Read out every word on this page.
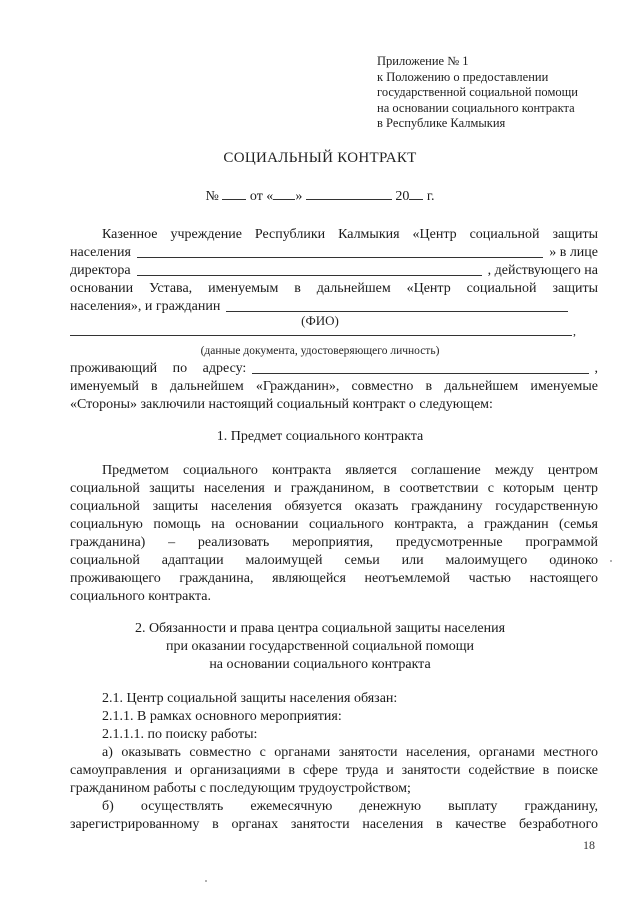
Приложение № 1
к Положению о предоставлении
государственной социальной помощи
на основании социального контракта
в Республике Калмыкия
СОЦИАЛЬНЫЙ КОНТРАКТ
№ от « »	20 г.
Казенное учреждение Республики Калмыкия «Центр социальной защиты
населения	» в лице
директора	, действующего на
основании Устава, именуемым в дальнейшем «Центр социальной защиты
населения», и гражданин
(ФИО)
,
(данные документа, удостоверяющего личность)
проживающий по адресу:	,
именуемый в дальнейшем «Гражданин», совместно в дальнейшем именуемые
«Стороны» заключили настоящий социальный контракт о следующем:
1. Предмет социального контракта
Предметом социального контракта является соглашение между центром
социальной защиты населения и гражданином, в соответствии с которым центр
социальной защиты населения обязуется оказать гражданину государственную
социальную помощь на основании социального контракта, а гражданин (семья
гражданина) – реализовать мероприятия, предусмотренные программой
социальной адаптации малоимущей семьи или малоимущего одиноко
проживающего гражданина, являющейся неотъемлемой частью настоящего
социального контракта.
2. Обязанности и права центра социальной защиты населения
при оказании государственной социальной помощи
на основании социального контракта
2.1. Центр социальной защиты населения обязан:
2.1.1. В рамках основного мероприятия:
2.1.1.1. по поиску работы:
а) оказывать совместно с органами занятости населения, органами местного
самоуправления и организациями в сфере труда и занятости содействие в поиске
гражданином работы с последующим трудоустройством;
б) осуществлять ежемесячную денежную выплату гражданину,
зарегистрированному в органах занятости населения в качестве безработного
18
